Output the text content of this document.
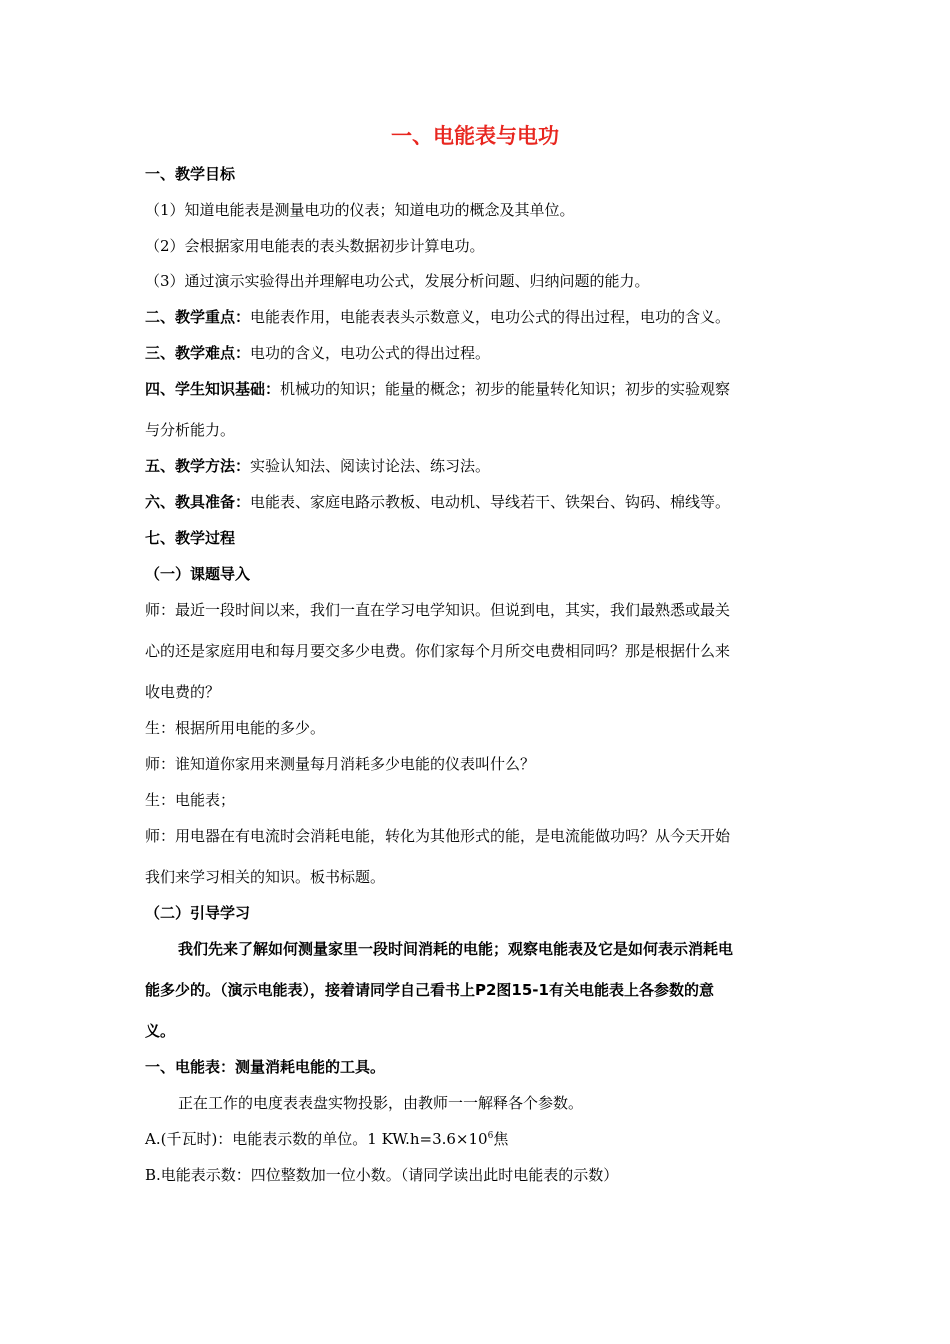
一、电能表与电功
一、教学目标
（1）知道电能表是测量电功的仪表；知道电功的概念及其单位。
（2）会根据家用电能表的表头数据初步计算电功。
（3）通过演示实验得出并理解电功公式，发展分析问题、归纳问题的能力。
二、教学重点：电能表作用，电能表表头示数意义，电功公式的得出过程，电功的含义。
三、教学难点：电功的含义，电功公式的得出过程。
四、学生知识基础：机械功的知识；能量的概念；初步的能量转化知识；初步的实验观察
与分析能力。
五、教学方法：实验认知法、阅读讨论法、练习法。
六、教具准备：电能表、家庭电路示教板、电动机、导线若干、铁架台、钩码、棉线等。
七、教学过程
（一）课题导入
师：最近一段时间以来，我们一直在学习电学知识。但说到电，其实，我们最熟悉或最关
心的还是家庭用电和每月要交多少电费。你们家每个月所交电费相同吗？那是根据什么来
收电费的？
生：根据所用电能的多少。
师：谁知道你家用来测量每月消耗多少电能的仪表叫什么？
生：电能表；
师：用电器在有电流时会消耗电能，转化为其他形式的能，是电流能做功吗？从今天开始
我们来学习相关的知识。板书标题。
（二）引导学习
我们先来了解如何测量家里一段时间消耗的电能；观察电能表及它是如何表示消耗电
能多少的。（演示电能表），接着请同学自己看书上P2图15-1有关电能表上各参数的意
义。
一、电能表：测量消耗电能的工具。
正在工作的电度表表盘实物投影，由教师一一解释各个参数。
A.(千瓦时)：电能表示数的单位。1 $KW.h=3.6\times 10^6$焦
B.电能表示数：四位整数加一位小数。（请同学读出此时电能表的示数）
